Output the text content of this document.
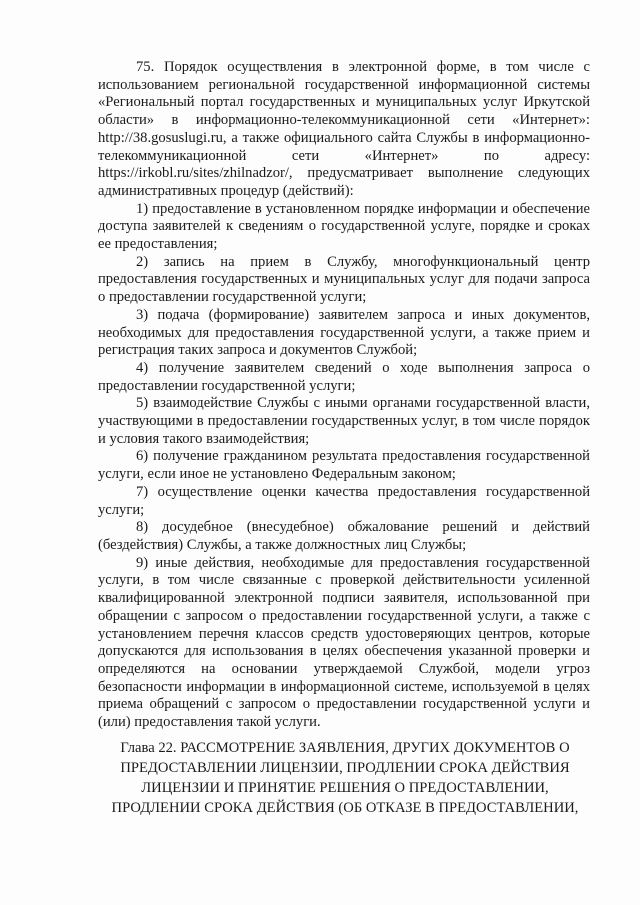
75. Порядок осуществления в электронной форме, в том числе с использованием региональной государственной информационной системы «Региональный портал государственных и муниципальных услуг Иркутской области» в информационно-телекоммуникационной сети «Интернет»: http://38.gosuslugi.ru, а также официального сайта Службы в информационно-телекоммуникационной сети «Интернет» по адресу: https://irkobl.ru/sites/zhilnadzor/, предусматривает выполнение следующих административных процедур (действий):

1) предоставление в установленном порядке информации и обеспечение доступа заявителей к сведениям о государственной услуге, порядке и сроках ее предоставления;

2) запись на прием в Службу, многофункциональный центр предоставления государственных и муниципальных услуг для подачи запроса о предоставлении государственной услуги;

3) подача (формирование) заявителем запроса и иных документов, необходимых для предоставления государственной услуги, а также прием и регистрация таких запроса и документов Службой;

4) получение заявителем сведений о ходе выполнения запроса о предоставлении государственной услуги;

5) взаимодействие Службы с иными органами государственной власти, участвующими в предоставлении государственных услуг, в том числе порядок и условия такого взаимодействия;

6) получение гражданином результата предоставления государственной услуги, если иное не установлено Федеральным законом;

7) осуществление оценки качества предоставления государственной услуги;

8) досудебное (внесудебное) обжалование решений и действий (бездействия) Службы, а также должностных лиц Службы;

9) иные действия, необходимые для предоставления государственной услуги, в том числе связанные с проверкой действительности усиленной квалифицированной электронной подписи заявителя, использованной при обращении с запросом о предоставлении государственной услуги, а также с установлением перечня классов средств удостоверяющих центров, которые допускаются для использования в целях обеспечения указанной проверки и определяются на основании утверждаемой Службой, модели угроз безопасности информации в информационной системе, используемой в целях приема обращений с запросом о предоставлении государственной услуги и (или) предоставления такой услуги.

Глава 22. РАССМОТРЕНИЕ ЗАЯВЛЕНИЯ, ДРУГИХ ДОКУМЕНТОВ О ПРЕДОСТАВЛЕНИИ ЛИЦЕНЗИИ, ПРОДЛЕНИИ СРОКА ДЕЙСТВИЯ ЛИЦЕНЗИИ И ПРИНЯТИЕ РЕШЕНИЯ О ПРЕДОСТАВЛЕНИИ, ПРОДЛЕНИИ СРОКА ДЕЙСТВИЯ (ОБ ОТКАЗЕ В ПРЕДОСТАВЛЕНИИ,
